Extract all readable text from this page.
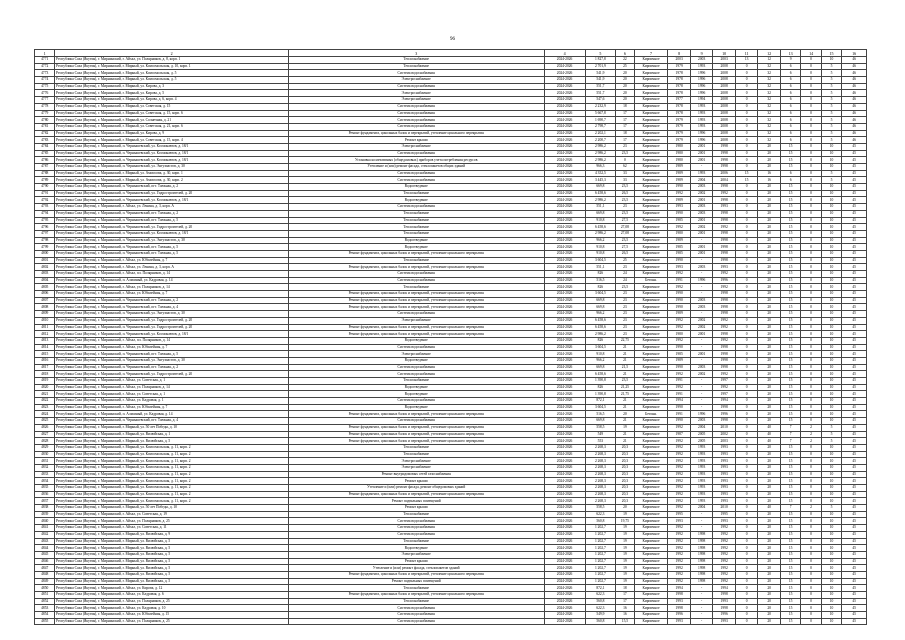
96
1	2	3	4	5	6	7	8	9	10	11	12	13	14	15	16
4771	Республика Саха (Якутия), г. Мирнинский, г. Айхал, ул. Полярников, д. 8, корп. 1	Теплоснабжение	2024-2026	1 827,8	22	Кирпичное	2003	2003	2003	13	12	9	0	10	46
4772	Республика Саха (Якутия), г. Мирнинский, г. Мирный, ул. Комсомольская, д. 10, корп. 1	Теплоснабжение	2024-2026	2 701,9	25	Кирпичное	1979	1993	2008	0	32	6	0	5	46
4773	Республика Саха (Якутия), г. Мирнинский, г. Мирный, ул. Комсомольская, д. 5	Система водоснабжения	2024-2026	541,9	20	Кирпичное	1978	1996	2008	0	32	6	0	5	46
4774	Республика Саха (Якутия), г. Мирнинский, г. Мирный, ул. Комсомольская, д. 5	Электроснабжение	2024-2026	541,9	20	Кирпичное	1978	1996	2008	0	32	6	0	5	46
4775	Республика Саха (Якутия), г. Мирнинский, г. Мирный, ул. Кирова, д. 3	Система водоснабжения	2024-2026	551,7	20	Кирпичное	1978	1996	2008	0	32	6	0	5	46
4776	Республика Саха (Якутия), г. Мирнинский, г. Мирный, ул. Кирова, д. 5	Электроснабжение	2024-2026	551,7	20	Кирпичное	1978	1996	2008	0	32	6	0	5	46
4777	Республика Саха (Якутия), г. Мирнинский, г. Мирный, ул. Кирова, д. 6, корп. 4	Электроснабжение	2024-2026	547,6	20	Кирпичное	1977	1994	2008	0	32	6	0	5	46
4778	Республика Саха (Якутия), г. Мирнинский, г. Мирный, ул. Советская, д. 15	Система водоснабжения	2024-2026	2 232,9	18	Кирпичное	1978	1993	2008	0	32	6	0	5	46
4779	Республика Саха (Якутия), г. Мирнинский, г. Мирный, ул. Советская, д. 15, корп. 6	Система водоснабжения	2024-2026	5 667,8	17	Кирпичное	1978	1993	2008	0	32	6	0	5	46
4780	Республика Саха (Якутия), г. Мирнинский, г. Мирный, ул. Солнечная, д. 21	Система водоснабжения	2024-2026	1 690,7	17	Кирпичное	1979	1993	2008	0	32	6	0	5	46
4781	Республика Саха (Якутия), г. Мирнинский, г. Мирный, ул. Советская, д. 21, корп. 6	Система водоснабжения	2024-2026	2 798,7	17	Кирпичное	1979	1993	2008	0	32	6	0	5	46
4782	Республика Саха (Якутия), г. Мирнинский, г. Мирный, ул. Кирова, д. 9	Ремонт фундамента, цокольных балок и перекрытий, утепление цокольного перекрытия	2024-2026	2 202,1	18	Кирпичное	1979	1996	2008	0	32	6	0	5	46
4783	Республика Саха (Якутия), г. Мирнинский, г. Мирный, ул. Советская, д. 15, корп. 4	Ремонт крыши	2024-2026	2 200,7	17	Кирпичное	1979	1996	2008	0	32	6	0	5	46
4784	Республика Саха (Якутия), г. Мирнинский, п. Чернышевский, ул. Космонавтов, д. 18/1	Электроснабжение	2024-2026	2 986,2	23	Кирпичное	1980	2001	1998	0	20	15	0	10	45
4785	Республика Саха (Якутия), г. Мирнинский, п. Чернышевский, ул. Космонавтов, д. 18/1	Система водоснабжения	2024-2026	2 986,2	23,5	Кирпичное	1980	2001	1998	0	20	15	0	10	45
4786	Республика Саха (Якутия), г. Мирнинский, п. Чернышевский, ул. Космонавтов, д. 18/1	Установка коллективных (общедомовых) приборов учета потребления ресурсов	2024-2026	2 986,2	0	Кирпичное	1980	2001	1998	0	20	15	0	10	45
4787	Республика Саха (Якутия), г. Мирнинский, п. Чернышевский, ул. Энтузиастов, д. 30	Утепление и (или) ремонт фасада, стеклопакетов общих зданий	2024-2026	966,3	62	Кирпичное	1989	-	1998	0	20	15	0	10	45
4788	Республика Саха (Якутия), г. Мирнинский, г. Мирный, ул. Аммосова, д. 30, корп. 1	Система водоснабжения	2024-2026	4 352,5	33	Кирпичное	1989	1993	2006	15	16	6	0	5	45
4789	Республика Саха (Якутия), г. Мирнинский, г. Мирный, ул. Аммосова, д. 30, корп. 2	Система водоснабжения	2024-2026	3 445,3	33	Кирпичное	1989	2004	2004	15	16	6	0	5	45
4790	Республика Саха (Якутия), г. Мирнинский, п. Чернышевский, пгт. Таежная, д. 2	Водоотведение	2024-2026	669,8	23,5	Кирпичное	1990	2003	1998	0	20	15	0	10	45
4791	Республика Саха (Якутия), г. Мирнинский, п. Чернышевский, ул. Гидростроителей, д. 20	Теплоснабжение	2024-2026	6 458,6	26,5	Кирпичное	1992	2002	1992	0	20	15	0	10	45
4792	Республика Саха (Якутия), г. Мирнинский, п. Чернышевский, ул. Космонавтов, д. 18/1	Водоотведение	2024-2026	2 986,2	23,5	Кирпичное	1989	2001	1998	0	20	15	0	10	45
4793	Республика Саха (Якутия), г. Мирнинский, г. Айхал, ул. Ленина, д. 3, корп. А	Система водоснабжения	2024-2026	551,1	23	Кирпичное	1993	2003	1993	0	20	15	0	10	45
4794	Республика Саха (Якутия), г. Мирнинский, п. Чернышевский, пгт. Таежная, д. 2	Теплоснабжение	2024-2026	669,8	23,5	Кирпичное	1990	2003	1998	0	20	15	0	10	45
4795	Республика Саха (Якутия), г. Мирнинский, п. Чернышевский, пгт. Таежная, д. 5	Теплоснабжение	2024-2026	910,8	27,5	Кирпичное	1985	2001	1998	0	20	15	0	10	45
4796	Республика Саха (Якутия), г. Мирнинский, п. Чернышевский, ул. Гидростроителей, д. 20	Теплоснабжение	2024-2026	6 458,6	27,08	Кирпичное	1992	2002	1992	0	20	15	0	10	45
4797	Республика Саха (Якутия), г. Мирнинский, п. Чернышевский, ул. Космонавтов, д. 18/1	Теплоснабжение	2024-2026	2 986,2	27,08	Кирпичное	1980	2001	1998	0	20	15	0	10	45
4798	Республика Саха (Якутия), г. Мирнинский, п. Чернышевский, ул. Энтузиастов, д. 30	Водоотведение	2024-2026	966,2	23,5	Кирпичное	1989	-	1998	0	20	15	0	10	45
4799	Республика Саха (Якутия), г. Мирнинский, п. Чернышевский, пгт. Таежная, д. 5	Водоотведение	2024-2026	910,8	27,5	Кирпичное	1985	2001	1998	0	20	15	0	10	45
4800	Республика Саха (Якутия), г. Мирнинский, п. Чернышевский, пгт. Таежная, д. 5	Ремонт фундамента, цокольных балок и перекрытий, утепление цокольного перекрытия	2024-2026	910,8	26,5	Кирпичное	1985	2001	1998	0	20	15	0	10	45
4801	Республика Саха (Якутия), г. Мирнинский, г. Айхал, ул. Юбилейная, д. 7	Теплоснабжение	2024-2026	3 604,5	25	Кирпичное	1990	-	1998	0	20	15	0	10	45
4802	Республика Саха (Якутия), г. Мирнинский, г. Айхал, ул. Ленина, д. 3, корп. А	Ремонт фундамента, цокольных балок и перекрытий, утепление цокольного перекрытия	2024-2026	551,1	23	Кирпичное	1993	2003	1993	0	20	15	0	10	45
4803	Республика Саха (Якутия), г. Мирнинский, г. Айхал, пл. Полярников, д. 14	Система водоснабжения	2024-2026	826	24	Кирпичное	1992	-	1992	0	20	15	0	10	45
4804	Республика Саха (Якутия), г. Мирнинский, п. Алмазный, ул. Кадровая, д. 14	Система водоснабжения	2024-2026	516,5	24	Бетонн.	1991	1996	1996	0	20	15	0	10	45
4805	Республика Саха (Якутия), г. Мирнинский, г. Айхал, ул. Полярников, д. 14	Теплоснабжение	2024-2026	826	23,5	Кирпичное	1992	-	1992	0	20	15	0	10	45
4806	Республика Саха (Якутия), г. Мирнинский, г. Айхал, ул. Юбилейная, д. 7	Ремонт фундамента, цокольных балок и перекрытий, утепление цокольного перекрытия	2024-2026	3 604,5	23	Кирпичное	1990	-	1998	0	20	15	0	10	45
4807	Республика Саха (Якутия), г. Мирнинский, п. Чернышевский, пгт. Таежная, д. 2	Ремонт фундамента, цокольных балок и перекрытий, утепление цокольного перекрытия	2024-2026	669,8	23	Кирпичное	1990	2003	1998	0	20	15	0	10	45
4808	Республика Саха (Якутия), г. Мирнинский, п. Чернышевский, пгт. Таежная, д. 4	Ремонт фундамента, цокольных балок и перекрытий, утепление цокольного перекрытия	2024-2026	669,8	23	Кирпичное	1990	2003	1998	0	20	15	0	10	45
4809	Республика Саха (Якутия), г. Мирнинский, п. Чернышевский, ул. Энтузиастов, д. 30	Система водоснабжения	2024-2026	966,2	23	Кирпичное	1989	-	1998	0	20	15	0	10	45
4810	Республика Саха (Якутия), г. Мирнинский, п. Чернышевский, ул. Гидростроителей, д. 20	Электроснабжение	2024-2026	6 458,6	23	Кирпичное	1992	2002	1992	0	20	15	0	10	45
4811	Республика Саха (Якутия), г. Мирнинский, п. Чернышевский, ул. Гидростроителей, д. 20	Ремонт фундамента, цокольных балок и перекрытий, утепление цокольного перекрытия	2024-2026	6 458,6	23	Кирпичное	1992	2002	1992	0	20	15	0	10	45
4812	Республика Саха (Якутия), г. Мирнинский, п. Чернышевский, ул. Космонавтов, д. 18/1	Ремонт фундамента, цокольных балок и перекрытий, утепление цокольного перекрытия	2024-2026	2 986,2	23	Кирпичное	1980	2001	1998	0	20	15	0	10	45
4813	Республика Саха (Якутия), г. Мирнинский, г. Айхал, пл. Полярников, д. 14	Водоотведение	2024-2026	826	22,75	Кирпичное	1992	-	1992	0	20	15	0	10	45
4814	Республика Саха (Якутия), г. Мирнинский, г. Айхал, ул. Юбилейная, д. 7	Система водоснабжения	2024-2026	3 604,5	21	Кирпичное	1990	-	1998	0	20	15	0	10	45
4815	Республика Саха (Якутия), г. Мирнинский, п. Чернышевский, пгт. Таежная, д. 5	Электроснабжение	2024-2026	910,8	21	Кирпичное	1985	2001	1998	0	20	15	0	10	45
4816	Республика Саха (Якутия), г. Мирнинский, п. Чернышевский, ул. Энтузиастов, д. 30	Водоотведение	2024-2026	966,2	21	Кирпичное	1989	-	1998	0	20	15	0	10	45
4817	Республика Саха (Якутия), г. Мирнинский, п. Чернышевский, пгт. Таежная, д. 2	Система водоснабжения	2024-2026	669,8	21,5	Кирпичное	1990	2003	1998	0	20	15	0	10	45
4818	Республика Саха (Якутия), г. Мирнинский, п. Чернышевский, ул. Гидростроителей, д. 20	Система водоснабжения	2024-2026	6 458,6	21	Кирпичное	1992	2002	1992	0	20	15	0	10	45
4819	Республика Саха (Якутия), г. Мирнинский, г. Айхал, ул. Советская, д. 1	Теплоснабжение	2024-2026	1 390,8	23,5	Кирпичное	1991	-	1997	0	20	15	0	10	45
4820	Республика Саха (Якутия), г. Мирнинский, г. Айхал, ул. Полярников, д. 14	Водоотведение	2024-2026	826	21,25	Кирпичное	1992	-	1992	0	20	15	0	10	45
4821	Республика Саха (Якутия), г. Мирнинский, г. Айхал, ул. Советская, д. 1	Водоотведение	2024-2026	1 390,8	21,75	Кирпичное	1991	-	1997	0	20	15	0	10	45
4822	Республика Саха (Якутия), г. Мирнинский, г. Айхал, ул. Кадровая, д. 1	Система водоснабжения	2024-2026	872,1	21	Кирпичное	1994	-	1994	0	20	15	0	10	45
4823	Республика Саха (Якутия), г. Мирнинский, г. Айхал, ул. Юбилейная, д. 7	Водоотведение	2024-2026	3 604,5	21	Кирпичное	1990	-	1998	0	20	15	0	10	45
4824	Республика Саха (Якутия), г. Мирнинский, п. Алмазный, ул. Кадровая, д. 14	Ремонт фундамента, цокольных балок и перекрытий, утепление цокольного перекрытия	2024-2026	516,5	20	Бетонн.	1991	1996	1996	0	20	15	0	10	45
4825	Республика Саха (Якутия), г. Мирнинский, п. Чернышевский, пгт. Таежная, д. 4	Система водоснабжения	2024-2026	669,8	21	Кирпичное	1990	2003	1998	0	20	15	0	10	45
4826	Республика Саха (Якутия), г. Мирнинский, г. Мирный, ул. 50 лет Победы, д. 10	Ремонт фундамента, цокольных балок и перекрытий, утепление цокольного перекрытия	2024-2026	558,5	19	Кирпичное	1992	2004	2010	0	40	7	2	5	45
4827	Республика Саха (Якутия), г. Мирнинский, г. Мирный, ул. Вилюйская, д. 1	Ремонт фундамента, цокольных балок и перекрытий, утепление цокольного перекрытия	2024-2026	549	21	Кирпичное	1987	2005	2002	0	40	7	2	5	45
4828	Республика Саха (Якутия), г. Мирнинский, г. Мирный, ул. Вилюйская, д. 5	Ремонт фундамента, цокольных балок и перекрытий, утепление цокольного перекрытия	2024-2026	553	21	Кирпичное	1992	2005	2003	0	40	7	2	5	45
4829	Республика Саха (Якутия), г. Мирнинский, г. Мирный, ул. Комсомольская, д. 11, корп. 2	Теплоснабжение	2024-2026	2 268,3	20,3	Кирпичное	1992	1993	1993	0	20	15	0	10	45
4830	Республика Саха (Якутия), г. Мирнинский, г. Мирный, ул. Комсомольская, д. 11, корп. 2	Теплоснабжение	2024-2026	2 268,3	20,3	Кирпичное	1992	1993	1993	0	20	15	0	10	45
4831	Республика Саха (Якутия), г. Мирнинский, г. Мирный, ул. Комсомольская, д. 11, корп. 2	Электроснабжение	2024-2026	2 268,3	20,3	Кирпичное	1992	1993	1993	0	20	15	0	10	45
4832	Республика Саха (Якутия), г. Мирнинский, г. Мирный, ул. Комсомольская, д. 11, корп. 2	Электроснабжение	2024-2026	2 268,3	20,3	Кирпичное	1992	1993	1993	0	20	15	0	10	45
4833	Республика Саха (Якутия), г. Мирнинский, г. Мирный, ул. Комсомольская, д. 11, корп. 2	Ремонт внутридомовых сетей газоснабжения	2024-2026	2 268,3	20,3	Кирпичное	1992	1993	1993	0	20	15	0	10	45
4834	Республика Саха (Якутия), г. Мирнинский, г. Мирный, ул. Комсомольская, д. 11, корп. 2	Ремонт крыши	2024-2026	2 268,3	20,3	Кирпичное	1992	1993	1993	0	20	15	0	10	45
4835	Республика Саха (Якутия), г. Мирнинский, г. Мирный, ул. Комсомольская, д. 11, корп. 2	Утепление и (или) ремонт фасада, ремонт общедомовых зданий	2024-2026	2 268,3	20,3	Кирпичное	1992	1993	1993	0	20	15	0	10	45
4836	Республика Саха (Якутия), г. Мирнинский, г. Мирный, ул. Комсомольская, д. 11, корп. 2	Ремонт фундамента, цокольных балок и перекрытий, утепление цокольного перекрытия	2024-2026	2 268,3	20,3	Кирпичное	1992	1993	1993	0	20	15	0	10	45
4837	Республика Саха (Якутия), г. Мирнинский, г. Мирный, ул. Комсомольская, д. 11, корп. 2	Ремонт подвальных помещений	2024-2026	2 268,3	20,3	Кирпичное	1992	1993	1993	0	20	15	0	10	45
4838	Республика Саха (Якутия), г. Мирнинский, г. Мирный, ул. 50 лет Победы, д. 10	Ремонт крыши	2024-2026	558,5	20	Кирпичное	1992	2004	2010	0	40	7	2	5	45
4839	Республика Саха (Якутия), г. Мирнинский, г. Айхал, ул. Советская, д. 19	Теплоснабжение	2024-2026	622,3	19	Кирпичное	1995	-	1995	0	20	15	0	10	45
4840	Республика Саха (Якутия), г. Мирнинский, г. Айхал, ул. Полярников, д. 25	Система водоснабжения	2024-2026	560,8	19,75	Кирпичное	1993	-	1993	0	20	15	0	10	45
4841	Республика Саха (Якутия), г. Мирнинский, г. Айхал, ул. Советская, д. 11	Система водоснабжения	2024-2026	1 202,7	19	Кирпичное	1992	-	1992	0	20	15	0	10	45
4842	Республика Саха (Якутия), г. Мирнинский, г. Мирный, ул. Вилюйская, д. 9	Система водоснабжения	2024-2026	1 202,7	19	Кирпичное	1992	1998	1992	0	20	15	0	10	45
4843	Республика Саха (Якутия), г. Мирнинский, г. Мирный, ул. Вилюйская, д. 5	Теплоснабжение	2024-2026	1 202,7	19	Кирпичное	1992	1998	1992	0	20	15	0	10	45
4844	Республика Саха (Якутия), г. Мирнинский, г. Мирный, ул. Вилюйская, д. 5	Водоотведение	2024-2026	1 202,7	19	Кирпичное	1992	1998	1992	0	20	15	0	10	45
4845	Республика Саха (Якутия), г. Мирнинский, г. Мирный, ул. Вилюйская, д. 5	Электроснабжение	2024-2026	1 202,7	19	Кирпичное	1992	1998	1992	0	20	15	0	10	45
4846	Республика Саха (Якутия), г. Мирнинский, г. Мирный, ул. Вилюйская, д. 5	Ремонт крыши	2024-2026	1 202,7	19	Кирпичное	1992	1998	1992	0	20	15	0	10	45
4847	Республика Саха (Якутия), г. Мирнинский, г. Мирный, ул. Вилюйская, д. 5	Утепление и (или) ремонт фасада, стеклопакетов зданий	2024-2026	1 202,7	19	Кирпичное	1992	1998	1992	0	20	15	0	10	45
4848	Республика Саха (Якутия), г. Мирнинский, г. Мирный, ул. Вилюйская, д. 5	Ремонт фундамента, цокольных балок и перекрытий, утепление цокольного перекрытия	2024-2026	1 202,7	19	Кирпичное	1992	1998	1992	0	20	15	0	10	45
4849	Республика Саха (Якутия), г. Мирнинский, г. Мирный, ул. Вилюйская, д. 5	Ремонт подвальных помещений	2024-2026	1 202,7	19	Кирпичное	1992	1998	1992	0	20	15	0	10	45
4850	Республика Саха (Якутия), г. Мирнинский, г. Айхал, ул. Кирова, д. 12	Теплоснабжение	2024-2026	872,1	18	Кирпичное	1994	-	1994	0	20	15	0	10	45
4851	Республика Саха (Якутия), г. Мирнинский, г. Айхал, ул. Кадровая, д. 6	Ремонт фундамента, цокольных балок и перекрытий, утепление цокольного перекрытия	2024-2026	622,3	17	Кирпичное	1998	-	1998	0	20	15	0	10	45
4852	Республика Саха (Якутия), г. Мирнинский, г. Айхал, ул. Полярников, д. 25	Теплоснабжение	2024-2026	560,8	17	Кирпичное	1993	-	1993	0	20	15	0	10	45
4853	Республика Саха (Якутия), г. Мирнинский, г. Айхал, ул. Кадровая, д. 10	Система водоснабжения	2024-2026	622,3	16	Кирпичное	1998	-	1998	0	20	15	0	10	45
4854	Республика Саха (Якутия), г. Мирнинский, г. Айхал, ул. Юбилейная, д. 15	Система водоснабжения	2024-2026	549,9	16	Кирпичное	1996	-	1996	0	20	15	0	10	45
4855	Республика Саха (Якутия), г. Мирнинский, г. Айхал, ул. Полярников, д. 25	Система водоснабжения	2024-2026	560,8	15,5	Кирпичное	1993	-	1993	0	20	15	0	10	45
